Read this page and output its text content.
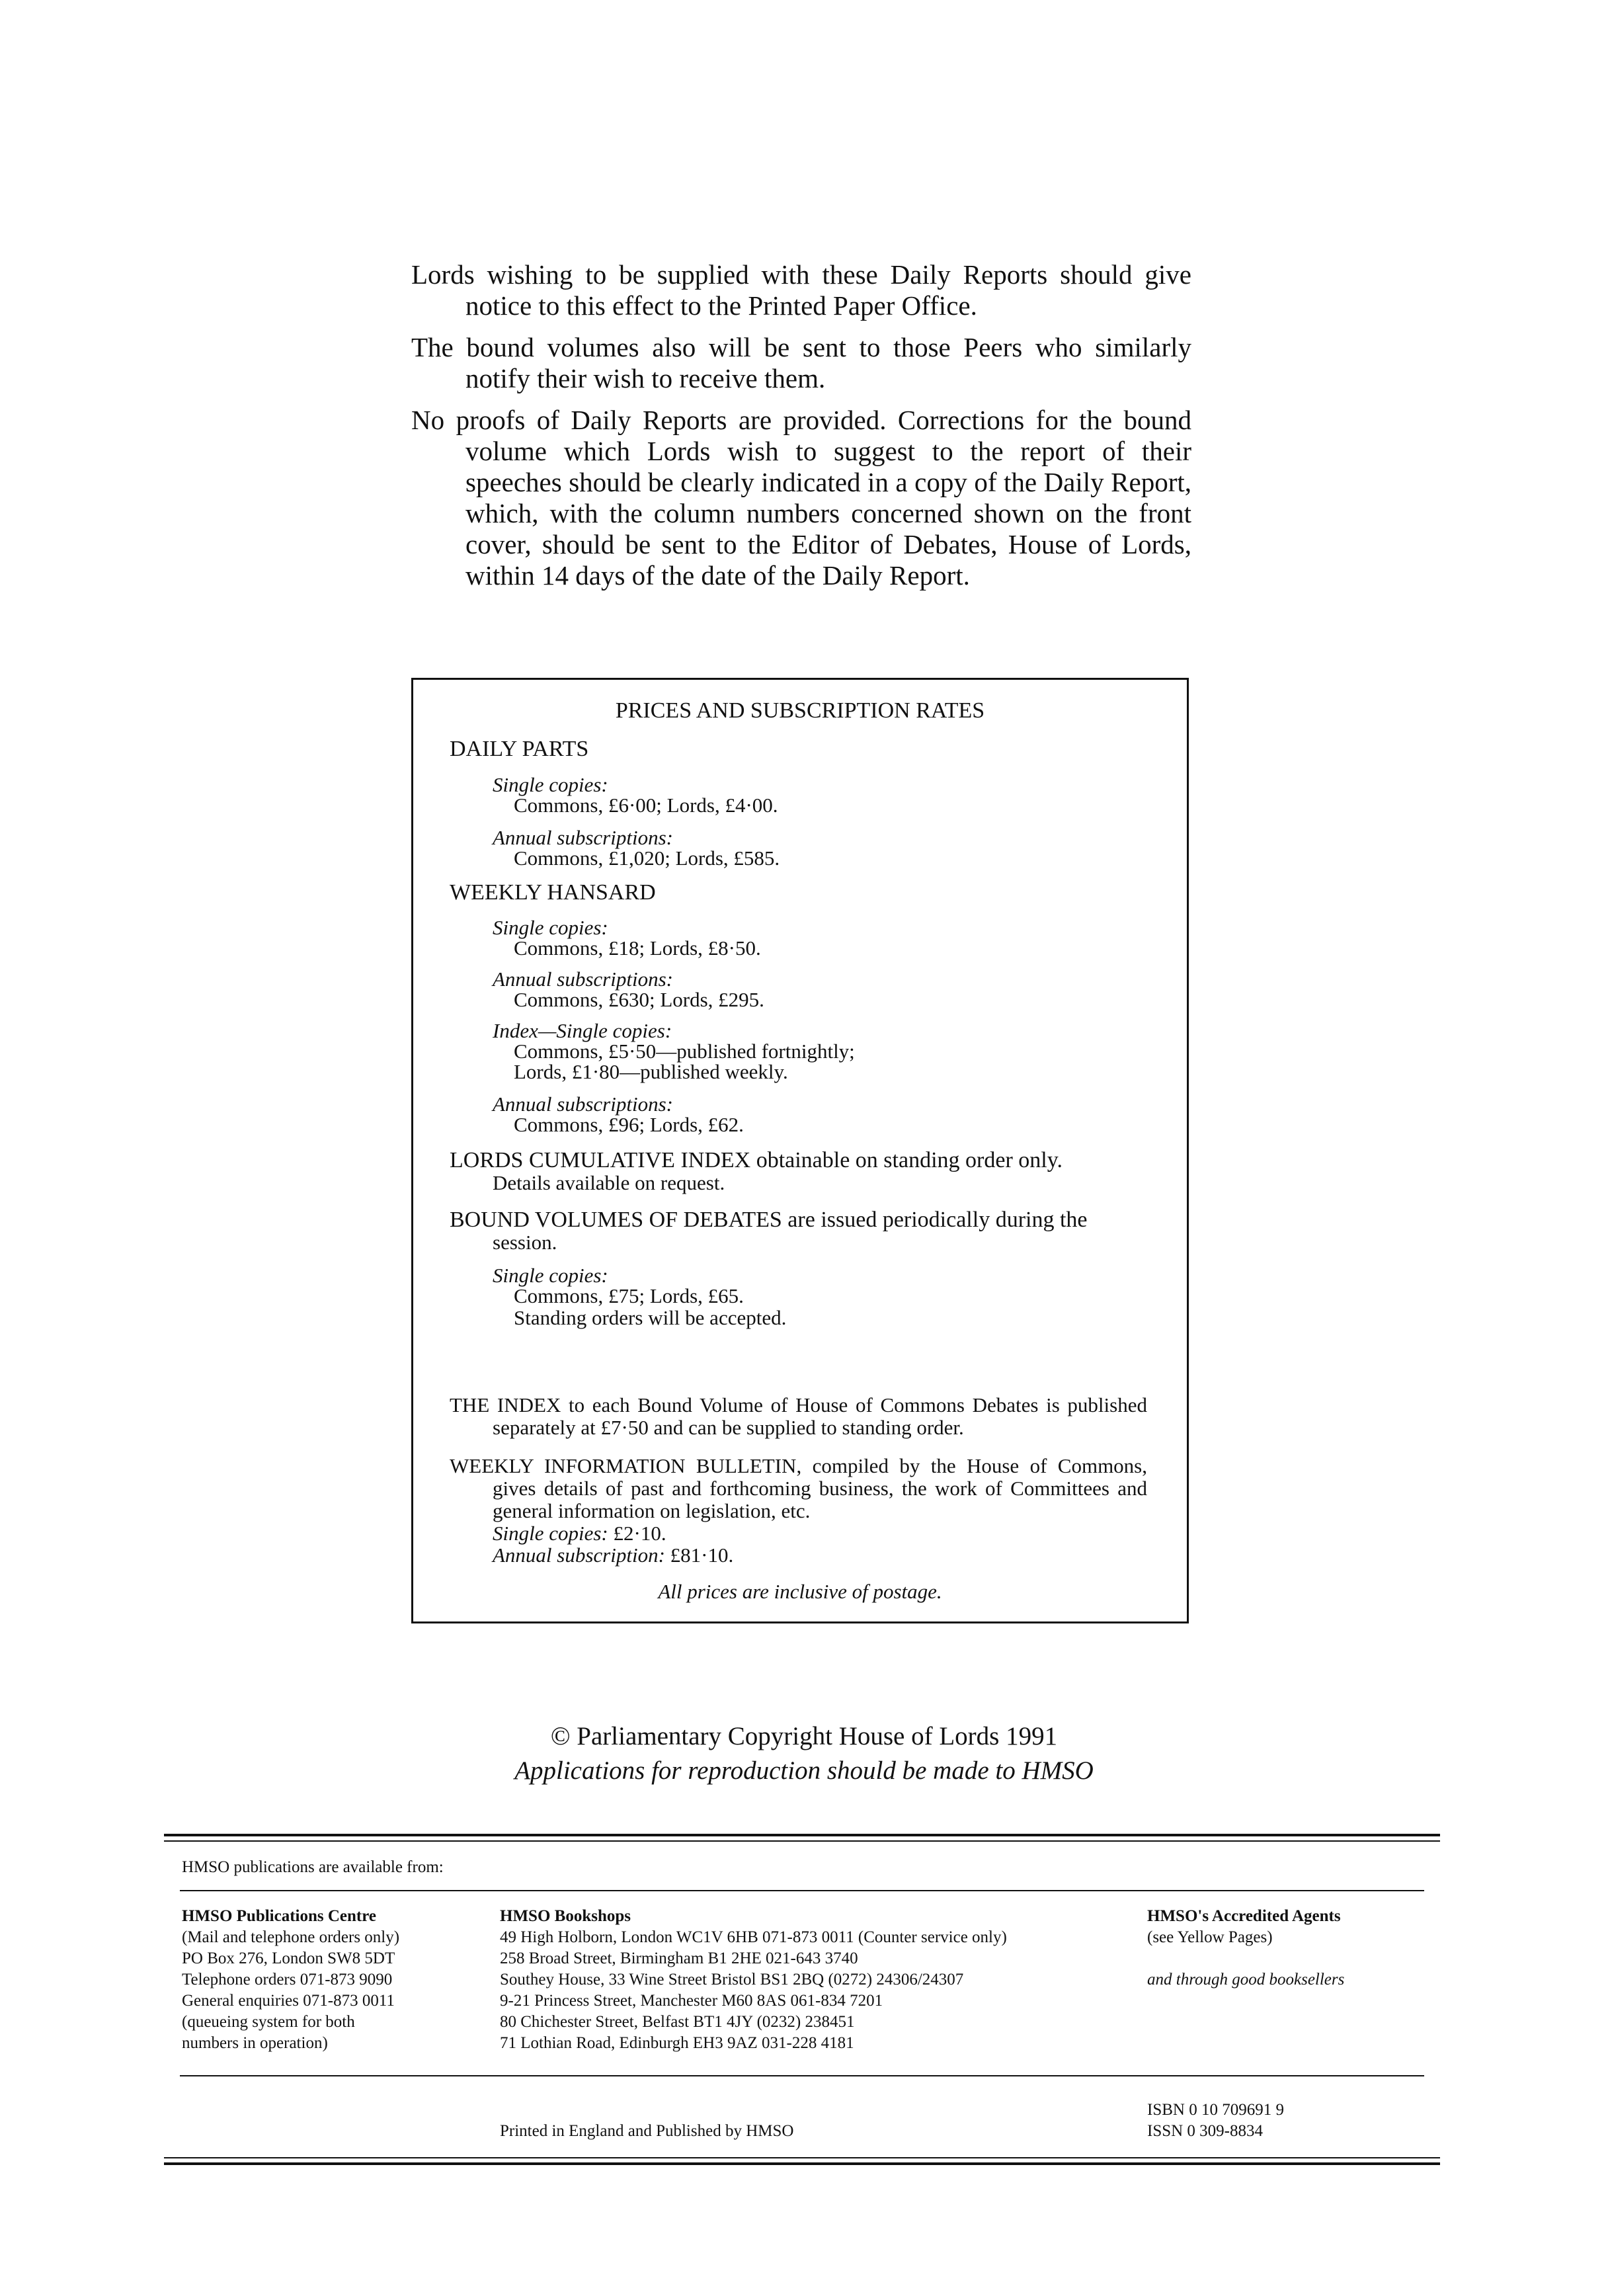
Lords wishing to be supplied with these Daily Reports should give notice to this effect to the Printed Paper Office.

The bound volumes also will be sent to those Peers who similarly notify their wish to receive them.

No proofs of Daily Reports are provided. Corrections for the bound volume which Lords wish to suggest to the report of their speeches should be clearly indicated in a copy of the Daily Report, which, with the column numbers concerned shown on the front cover, should be sent to the Editor of Debates, House of Lords, within 14 days of the date of the Daily Report.

PRICES AND SUBSCRIPTION RATES
DAILY PARTS
Single copies:
Commons, £6·00; Lords, £4·00.
Annual subscriptions:
Commons, £1,020; Lords, £585.
WEEKLY HANSARD
Single copies:
Commons, £18; Lords, £8·50.
Annual subscriptions:
Commons, £630; Lords, £295.
Index—Single copies:
Commons, £5·50—published fortnightly;
Lords, £1·80—published weekly.
Annual subscriptions:
Commons, £96; Lords, £62.
LORDS CUMULATIVE INDEX obtainable on standing order only.
Details available on request.
BOUND VOLUMES OF DEBATES are issued periodically during the
session.
Single copies:
Commons, £75; Lords, £65.
Standing orders will be accepted.
THE INDEX to each Bound Volume of House of Commons Debates is published separately at £7·50 and can be supplied to standing order.
WEEKLY INFORMATION BULLETIN, compiled by the House of Commons, gives details of past and forthcoming business, the work of Committees and general information on legislation, etc.
Single copies: £2·10.
Annual subscription: £81·10.
All prices are inclusive of postage.
© Parliamentary Copyright House of Lords 1991
Applications for reproduction should be made to HMSO
HMSO publications are available from:
HMSO Publications Centre
(Mail and telephone orders only)
PO Box 276, London SW8 5DT
Telephone orders 071-873 9090
General enquiries 071-873 0011
(queueing system for both
numbers in operation)
HMSO Bookshops
49 High Holborn, London WC1V 6HB 071-873 0011 (Counter service only)
258 Broad Street, Birmingham B1 2HE 021-643 3740
Southey House, 33 Wine Street Bristol BS1 2BQ (0272) 24306/24307
9-21 Princess Street, Manchester M60 8AS 061-834 7201
80 Chichester Street, Belfast BT1 4JY (0232) 238451
71 Lothian Road, Edinburgh EH3 9AZ 031-228 4181
HMSO's Accredited Agents
(see Yellow Pages)

and through good booksellers
Printed in England and Published by HMSO
ISBN 0 10 709691 9
ISSN 0 309-8834
